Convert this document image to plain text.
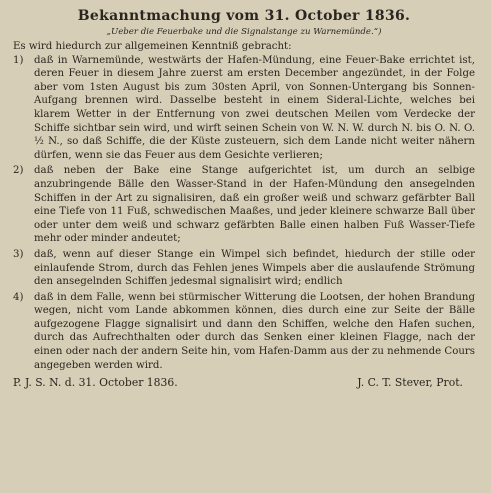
Bekanntmachung vom 31. October 1836.

„Ueber die Feuerbake und die Signalstange zu Warnemünde.“)

Es wird hiedurch zur allgemeinen Kenntniß gebracht:

1)	daß in Warnemünde, westwärts der Hafen-Mündung, eine Feuer-Bake errichtet ist, deren Feuer in diesem Jahre zuerst am ersten December angezündet, in der Folge aber vom 1sten August bis zum 30sten April, von Sonnen-Untergang bis Sonnen-Aufgang brennen wird. Dasselbe besteht in einem Sideral-Lichte, welches bei klarem Wetter in der Entfernung von zwei deutschen Meilen vom Verdecke der Schiffe sichtbar sein wird, und wirft seinen Schein von W. N. W. durch N. bis O. N. O. ½ N., so daß Schiffe, die der Küste zusteuern, sich dem Lande nicht weiter nähern dürfen, wenn sie das Feuer aus dem Gesichte verlieren;
2)	daß neben der Bake eine Stange aufgerichtet ist, um durch an selbige anzubringende Bälle den Wasser-Stand in der Hafen-Mündung den ansegelnden Schiffen in der Art zu signalisiren, daß ein großer weiß und schwarz gefärbter Ball eine Tiefe von 11 Fuß, schwedischen Maaßes, und jeder kleinere schwarze Ball über oder unter dem weiß und schwarz gefärbten Balle einen halben Fuß Wasser-Tiefe mehr oder minder andeutet;
3)	daß, wenn auf dieser Stange ein Wimpel sich befindet, hiedurch der stille oder einlaufende Strom, durch das Fehlen jenes Wimpels aber die auslaufende Strömung den ansegelnden Schiffen jedesmal signalisirt wird; endlich
4)	daß in dem Falle, wenn bei stürmischer Witterung die Lootsen, der hohen Brandung wegen, nicht vom Lande abkommen können, dies durch eine zur Seite der Bälle aufgezogene Flagge signalisirt und dann den Schiffen, welche den Hafen suchen, durch das Aufrechthalten oder durch das Senken einer kleinen Flagge, nach der einen oder nach der andern Seite hin, vom Hafen-Damm aus der zu nehmende Cours angegeben werden wird.
P. J. S. N. d. 31. October 1836.	J. C. T. Stever, Prot.
